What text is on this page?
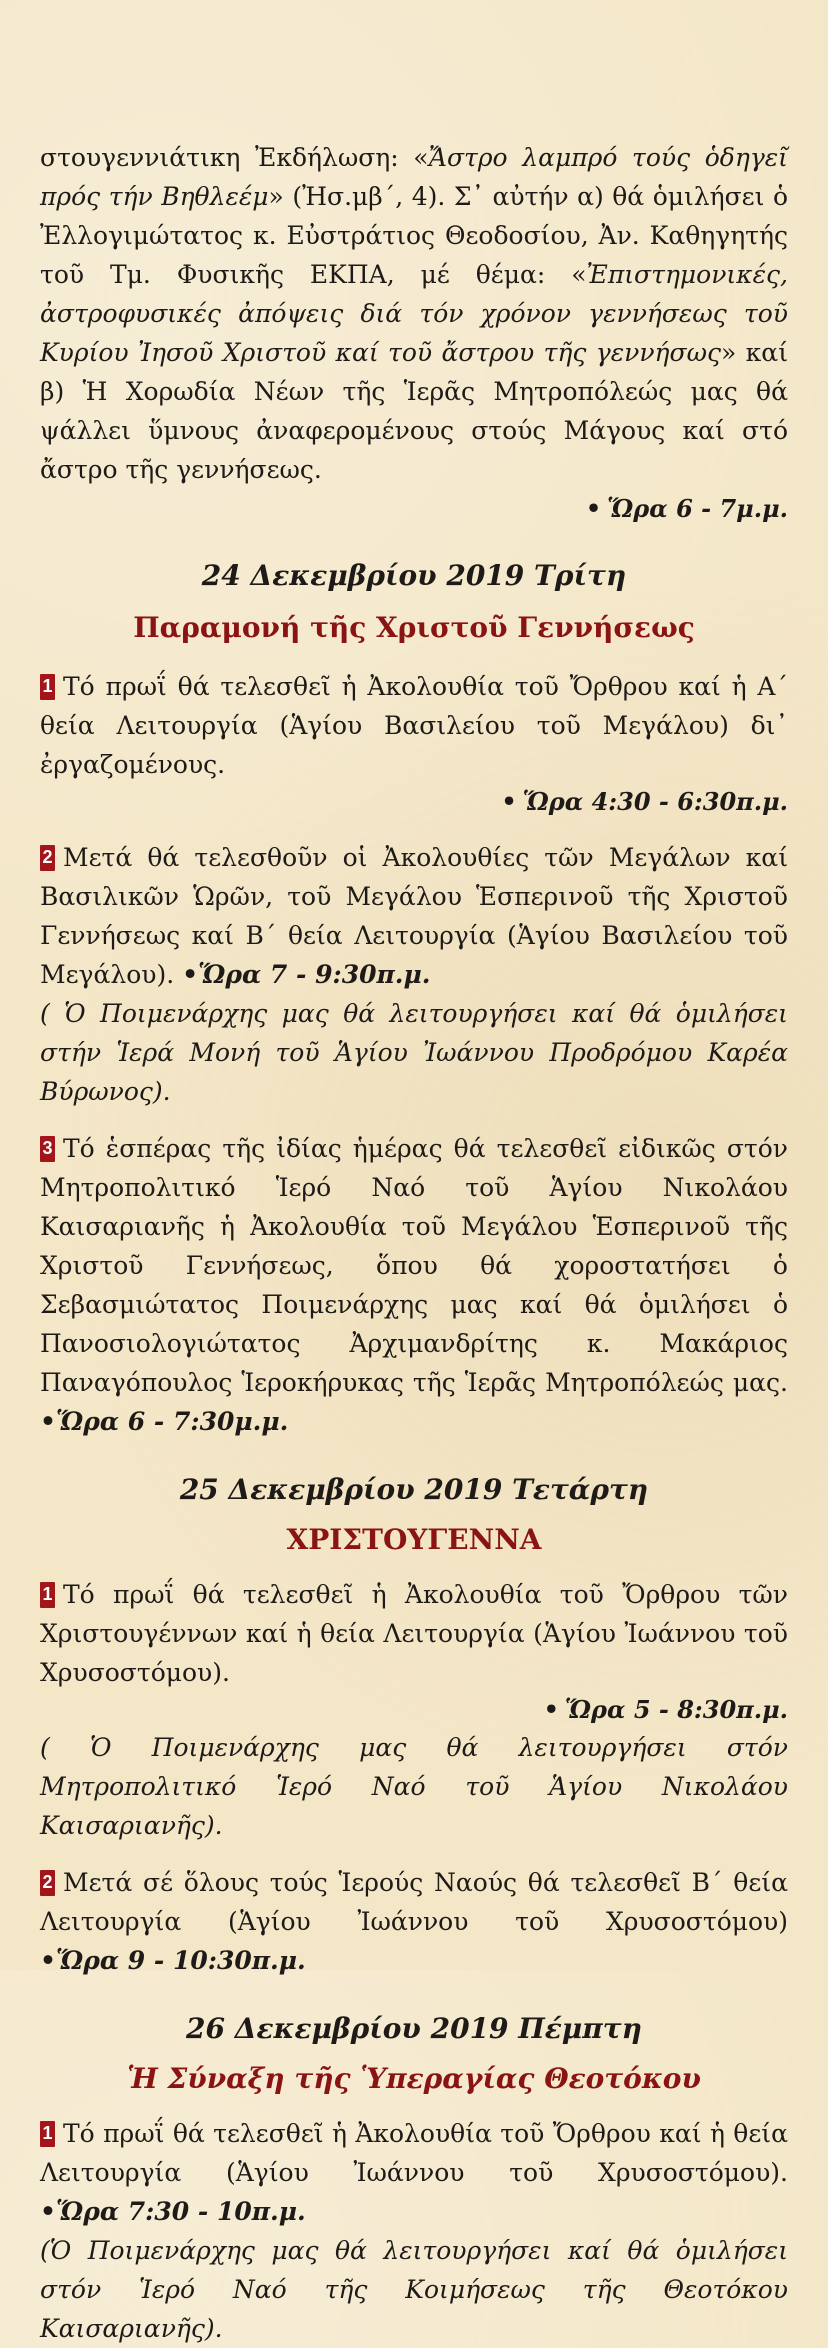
στουγεννιάτικη Ἐκδήλωση: «Ἄστρο λαμπρό τούς ὁδηγεῖ πρός τήν Βηθλεέμ» (Ἠσ.μβ΄, 4). Σ᾽ αὐτήν α) θά ὁμιλήσει ὁ Ἐλλογιμώτατος κ. Εὐστράτιος Θεοδοσίου, Ἀν. Καθηγητής τοῦ Τμ. Φυσικῆς ΕΚΠΑ, μέ θέμα: «Ἐπιστημονικές, ἀστροφυσικές ἀπόψεις διά τόν χρόνον γεννήσεως τοῦ Κυρίου Ἰησοῦ Χριστοῦ καί τοῦ ἄστρου τῆς γεννήσως» καί β) Ἡ Χορωδία Νέων τῆς Ἱερᾶς Μητροπόλεώς μας θά ψάλλει ὕμνους ἀναφερομένους στούς Μάγους καί στό ἄστρο τῆς γεννήσεως.

• Ὥρα 6 - 7μ.μ.

24 Δεκεμβρίου 2019 Τρίτη
Παραμονή τῆς Χριστοῦ Γεννήσεως

1 Τό πρωΐ θά τελεσθεῖ ἡ Ἀκολουθία τοῦ Ὄρθρου καί ἡ Α΄ θεία Λειτουργία (Ἁγίου Βασιλείου τοῦ Μεγάλου) δι᾽ ἐργαζομένους.

• Ὥρα 4:30 - 6:30π.μ.

2 Μετά θά τελεσθοῦν οἱ Ἀκολουθίες τῶν Μεγάλων καί Βασιλικῶν Ὡρῶν, τοῦ Μεγάλου Ἑσπερινοῦ τῆς Χριστοῦ Γεννήσεως καί Β΄ θεία Λειτουργία (Ἁγίου Βασιλείου τοῦ Μεγάλου). •Ὥρα 7 - 9:30π.μ.

( Ὁ Ποιμενάρχης μας θά λειτουργήσει καί θά ὁμιλήσει στήν Ἱερά Μονή τοῦ Ἁγίου Ἰωάννου Προδρόμου Καρέα Βύρωνος).

3 Τό ἑσπέρας τῆς ἰδίας ἡμέρας θά τελεσθεῖ εἰδικῶς στόν Μητροπολιτικό Ἱερό Ναό τοῦ Ἁγίου Νικολάου Καισαριανῆς ἡ Ἀκολουθία τοῦ Μεγάλου Ἑσπερινοῦ τῆς Χριστοῦ Γεννήσεως, ὅπου θά χοροστατήσει ὁ Σεβασμιώτατος Ποιμενάρχης μας καί θά ὁμιλήσει ὁ Πανοσιολογιώτατος Ἀρχιμανδρίτης κ. Μακάριος Παναγόπουλος Ἱεροκήρυκας τῆς Ἱερᾶς Μητροπόλεώς μας. •Ὥρα 6 - 7:30μ.μ.

25 Δεκεμβρίου 2019 Τετάρτη
ΧΡΙΣΤΟΥΓΕΝΝΑ

1 Τό πρωΐ θά τελεσθεῖ ἡ Ἀκολουθία τοῦ Ὄρθρου τῶν Χριστουγέννων καί ἡ θεία Λειτουργία (Ἁγίου Ἰωάννου τοῦ Χρυσοστόμου).

• Ὥρα 5 - 8:30π.μ.

( Ὁ Ποιμενάρχης μας θά λειτουργήσει στόν Μητροπολιτικό Ἱερό Ναό τοῦ Ἁγίου Νικολάου Καισαριανῆς).

2 Μετά σέ ὅλους τούς Ἱερούς Ναούς θά τελεσθεῖ Β΄ θεία Λειτουργία (Ἁγίου Ἰωάννου τοῦ Χρυσοστόμου) •Ὥρα 9 - 10:30π.μ.

26 Δεκεμβρίου 2019 Πέμπτη
Ἡ Σύναξη τῆς Ὑπεραγίας Θεοτόκου

1 Τό πρωΐ θά τελεσθεῖ ἡ Ἀκολουθία τοῦ Ὄρθρου καί ἡ θεία Λειτουργία (Ἁγίου Ἰωάννου τοῦ Χρυσοστόμου). •Ὥρα 7:30 - 10π.μ.

(Ὁ Ποιμενάρχης μας θά λειτουργήσει καί θά ὁμιλήσει στόν Ἱερό Ναό τῆς Κοιμήσεως τῆς Θεοτόκου Καισαριανῆς).
